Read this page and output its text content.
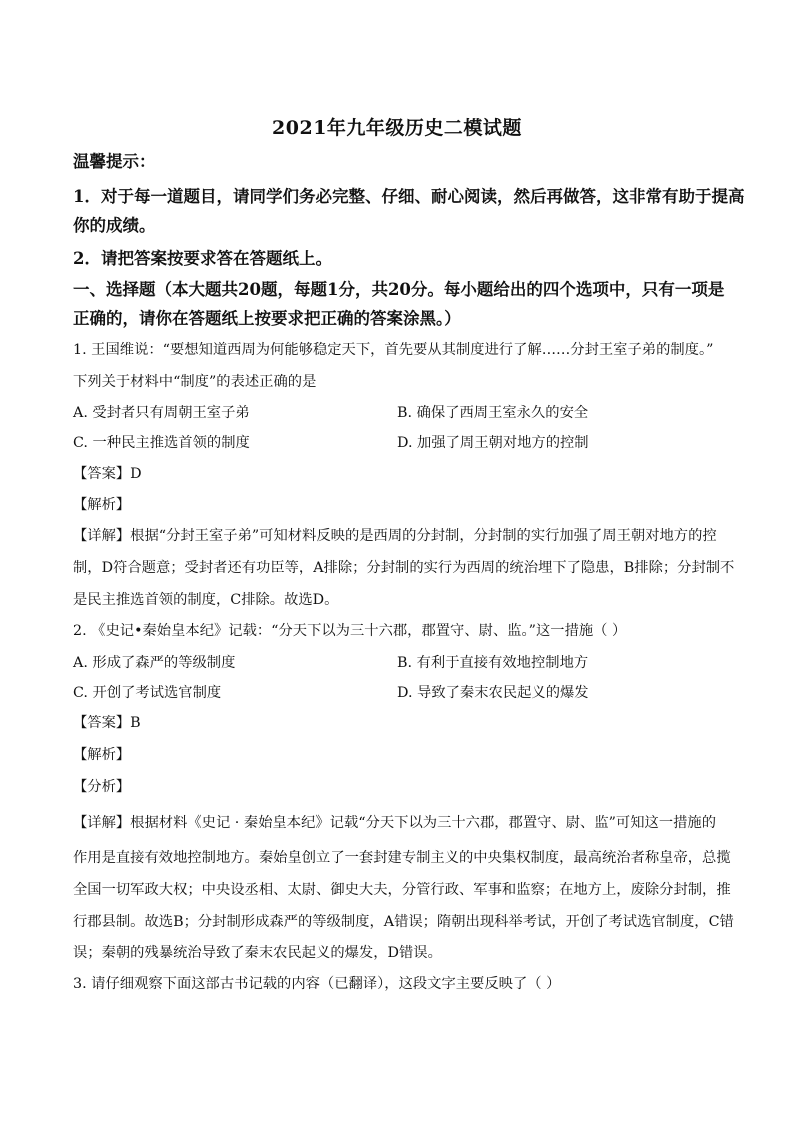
2021年九年级历史二模试题
温馨提示：
1．对于每一道题目，请同学们务必完整、仔细、耐心阅读，然后再做答，这非常有助于提高
你的成绩。
2．请把答案按要求答在答题纸上。
一、选择题（本大题共20题，每题1分，共20分。每小题给出的四个选项中，只有一项是
正确的，请你在答题纸上按要求把正确的答案涂黑。）
1. 王国维说：“要想知道西周为何能够稳定天下，首先要从其制度进行了解……分封王室子弟的制度。”
下列关于材料中“制度”的表述正确的是
A. 受封者只有周朝王室子弟	B. 确保了西周王室永久的安全
C. 一种民主推选首领的制度	D. 加强了周王朝对地方的控制
【答案】D
【解析】
【详解】根据“分封王室子弟”可知材料反映的是西周的分封制，分封制的实行加强了周王朝对地方的控
制，D符合题意；受封者还有功臣等，A排除；分封制的实行为西周的统治埋下了隐患，B排除；分封制不
是民主推选首领的制度，C排除。故选D。
2. 《史记•秦始皇本纪》记载：“分天下以为三十六郡，郡置守、尉、监。”这一措施（ ）
A. 形成了森严的等级制度	B. 有利于直接有效地控制地方
C. 开创了考试选官制度	D. 导致了秦末农民起义的爆发
【答案】B
【解析】
【分析】
【详解】根据材料《史记 · 秦始皇本纪》记载“分天下以为三十六郡，郡置守、尉、监”可知这一措施的
作用是直接有效地控制地方。秦始皇创立了一套封建专制主义的中央集权制度，最高统治者称皇帝，总揽
全国一切军政大权；中央设丞相、太尉、御史大夫，分管行政、军事和监察；在地方上，废除分封制，推
行郡县制。故选B；分封制形成森严的等级制度，A错误；隋朝出现科举考试，开创了考试选官制度，C错
误；秦朝的残暴统治导致了秦末农民起义的爆发，D错误。
3. 请仔细观察下面这部古书记载的内容（已翻译），这段文字主要反映了（ ）
